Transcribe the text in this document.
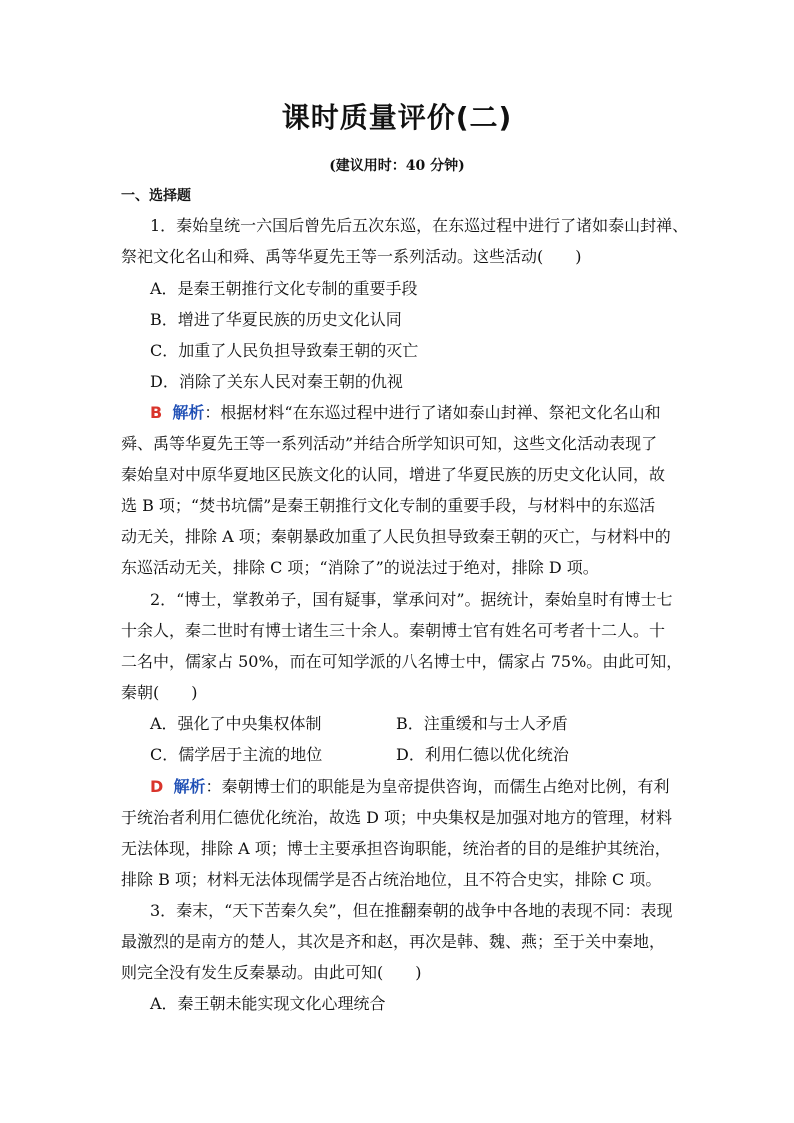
课时质量评价(二)
(建议用时：40 分钟)
一、选择题
1．秦始皇统一六国后曾先后五次东巡，在东巡过程中进行了诸如泰山封禅、
祭祀文化名山和舜、禹等华夏先王等一系列活动。这些活动(　　)
A．是秦王朝推行文化专制的重要手段
B．增进了华夏民族的历史文化认同
C．加重了人民负担导致秦王朝的灭亡
D．消除了关东人民对秦王朝的仇视
B 解析：根据材料“在东巡过程中进行了诸如泰山封禅、祭祀文化名山和
舜、禹等华夏先王等一系列活动”并结合所学知识可知，这些文化活动表现了
秦始皇对中原华夏地区民族文化的认同，增进了华夏民族的历史文化认同，故
选 B 项；“焚书坑儒”是秦王朝推行文化专制的重要手段，与材料中的东巡活
动无关，排除 A 项；秦朝暴政加重了人民负担导致秦王朝的灭亡，与材料中的
东巡活动无关，排除 C 项；“消除了”的说法过于绝对，排除 D 项。
2．“博士，掌教弟子，国有疑事，掌承问对”。据统计，秦始皇时有博士七
十余人，秦二世时有博士诸生三十余人。秦朝博士官有姓名可考者十二人。十
二名中，儒家占 50%，而在可知学派的八名博士中，儒家占 75%。由此可知，
秦朝(　　)
A．强化了中央集权体制	B．注重缓和与士人矛盾
C．儒学居于主流的地位	D．利用仁德以优化统治
D 解析：秦朝博士们的职能是为皇帝提供咨询，而儒生占绝对比例，有利
于统治者利用仁德优化统治，故选 D 项；中央集权是加强对地方的管理，材料
无法体现，排除 A 项；博士主要承担咨询职能，统治者的目的是维护其统治，
排除 B 项；材料无法体现儒学是否占统治地位，且不符合史实，排除 C 项。
3．秦末，“天下苦秦久矣”，但在推翻秦朝的战争中各地的表现不同：表现
最激烈的是南方的楚人，其次是齐和赵，再次是韩、魏、燕；至于关中秦地，
则完全没有发生反秦暴动。由此可知(　　)
A．秦王朝未能实现文化心理统合
